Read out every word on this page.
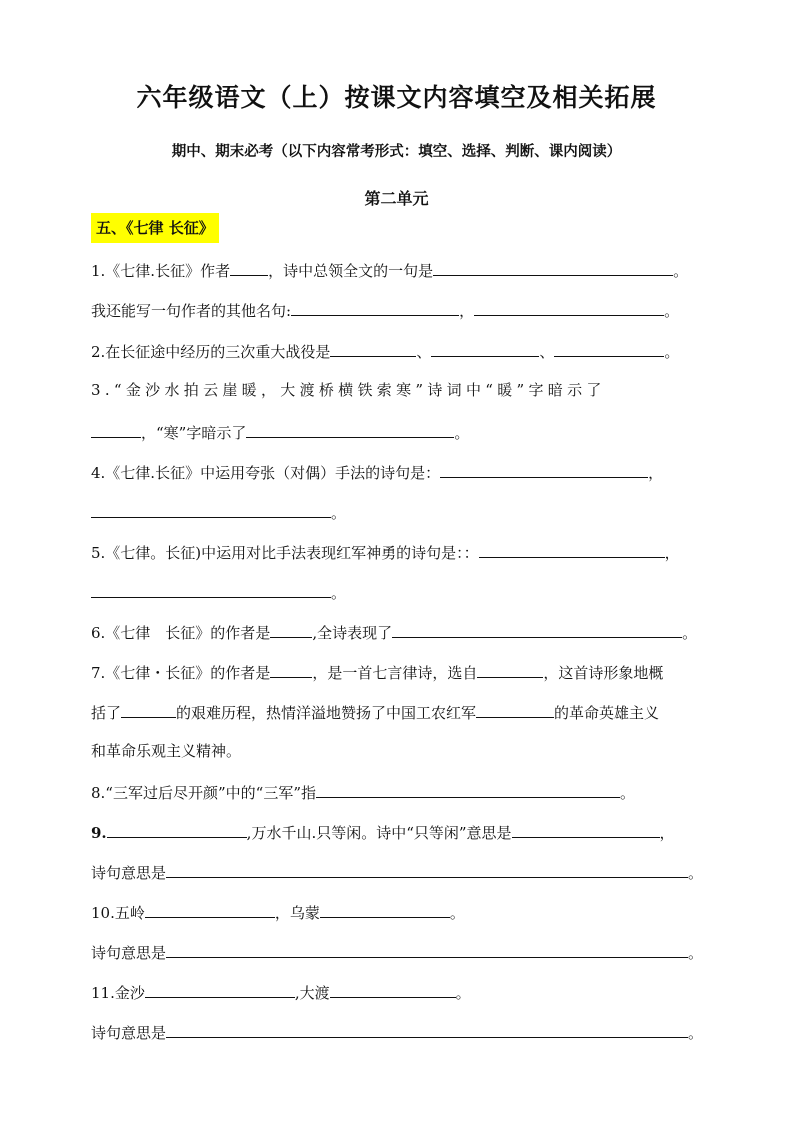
六年级语文（上）按课文内容填空及相关拓展
期中、期末必考（以下内容常考形式：填空、选择、判断、课内阅读）
第二单元
五、《七律 长征》
1.《七律.长征》作者	，诗中总领全文的一句是	。
我还能写一句作者的其他名句:	，	。
2.在长征途中经历的三次重大战役是	、	、	。
3.“金沙水拍云崖暖，大渡桥横铁索寒”诗词中“暖”字暗示了
，“寒”字暗示了	。
4.《七律.长征》中运用夸张（对偶）手法的诗句是：	，
。
5.《七律。长征)中运用对比手法表现红军神勇的诗句是：：	，
。
6.《七律　长征》的作者是	,全诗表现了	。
7.《七律・长征》的作者是	，是一首七言律诗，选自	，这首诗形象地概
括了	的艰难历程，热情洋溢地赞扬了中国工农红军	的革命英雄主义
和革命乐观主义精神。
8.“三军过后尽开颜”中的“三军”指	。
9.	,万水千山.只等闲。诗中“只等闲”意思是	，
诗句意思是	。
10.五岭	，乌蒙	。
诗句意思是	。
11.金沙	,大渡	。
诗句意思是	。
